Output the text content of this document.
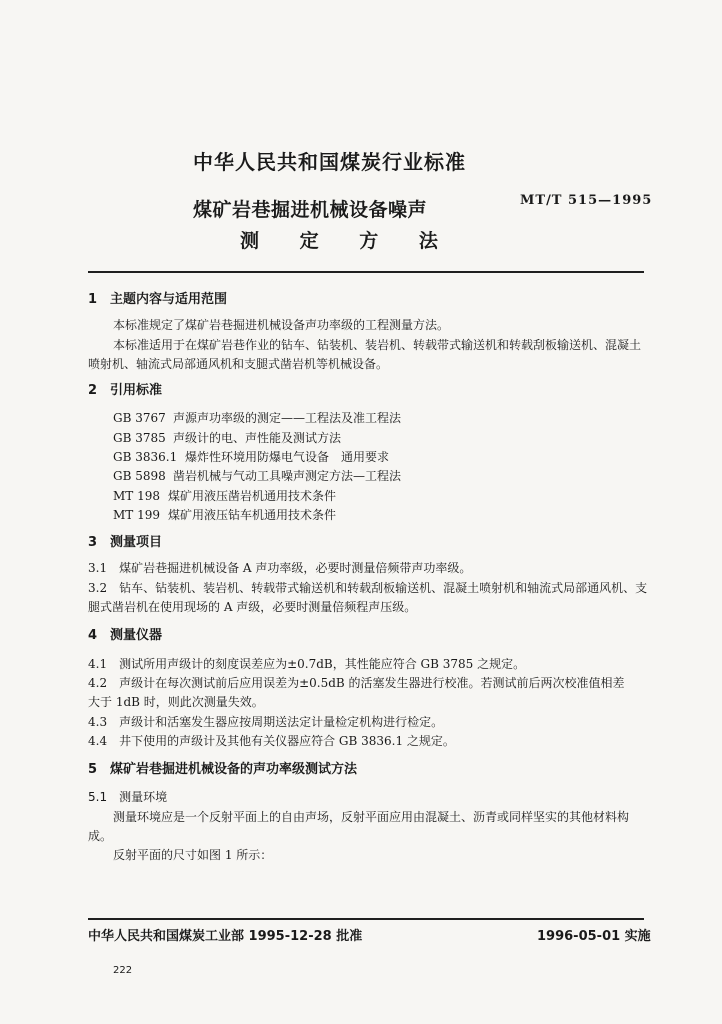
中华人民共和国煤炭行业标准
煤矿岩巷掘进机械设备噪声
测 定 方 法
MT/T 515—1995
1　主题内容与适用范围
本标准规定了煤矿岩巷掘进机械设备声功率级的工程测量方法。
本标准适用于在煤矿岩巷作业的钻车、钻装机、装岩机、转载带式输送机和转载刮板输送机、混凝土
喷射机、轴流式局部通风机和支腿式凿岩机等机械设备。
2　引用标准
GB 3767 声源声功率级的测定——工程法及准工程法
GB 3785 声级计的电、声性能及测试方法
GB 3836.1 爆炸性环境用防爆电气设备　通用要求
GB 5898 凿岩机械与气动工具噪声测定方法—工程法
MT 198 煤矿用液压凿岩机通用技术条件
MT 199 煤矿用液压钻车机通用技术条件
3　测量项目
3.1　煤矿岩巷掘进机械设备 A 声功率级，必要时测量倍频带声功率级。
3.2　钻车、钻装机、装岩机、转载带式输送机和转载刮板输送机、混凝土喷射机和轴流式局部通风机、支
腿式凿岩机在使用现场的 A 声级，必要时测量倍频程声压级。
4　测量仪器
4.1　测试所用声级计的刻度误差应为±0.7dB，其性能应符合 GB 3785 之规定。
4.2　声级计在每次测试前后应用误差为±0.5dB 的活塞发生器进行校准。若测试前后两次校准值相差
大于 1dB 时，则此次测量失效。
4.3　声级计和活塞发生器应按周期送法定计量检定机构进行检定。
4.4　井下使用的声级计及其他有关仪器应符合 GB 3836.1 之规定。
5　煤矿岩巷掘进机械设备的声功率级测试方法
5.1　测量环境
测量环境应是一个反射平面上的自由声场，反射平面应用由混凝土、沥青或同样坚实的其他材料构
成。
反射平面的尺寸如图 1 所示：
中华人民共和国煤炭工业部 1995-12-28 批准	1996-05-01 实施
222
